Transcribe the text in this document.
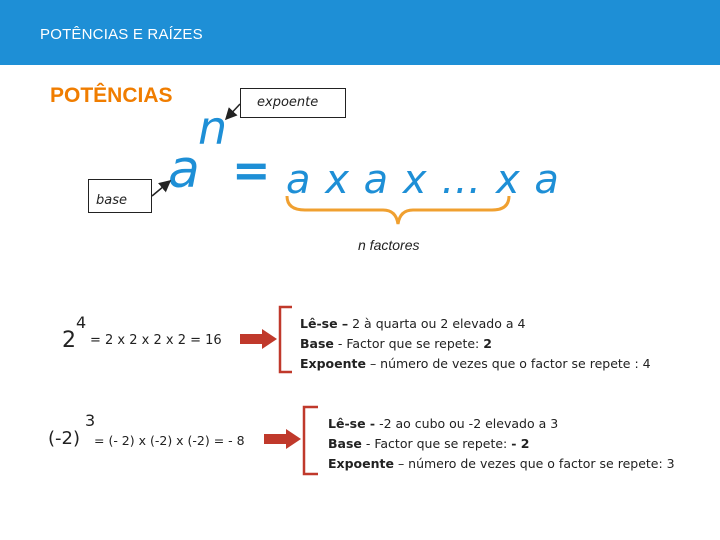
POTÊNCIAS E RAÍZES
POTÊNCIAS
base
expoente
a
n
= a x a x … x a
n factores
2
4
= 2 x 2 x 2 x 2 = 16
Lê-se – 2 à quarta ou 2 elevado a 4
Base - Factor que se repete: 2
Expoente – número de vezes que o factor se repete : 4
(-2)
3
= (- 2) x (-2) x (-2) = - 8
Lê-se - -2 ao cubo ou -2 elevado a 3
Base - Factor que se repete: - 2
Expoente – número de vezes que o factor se repete: 3
